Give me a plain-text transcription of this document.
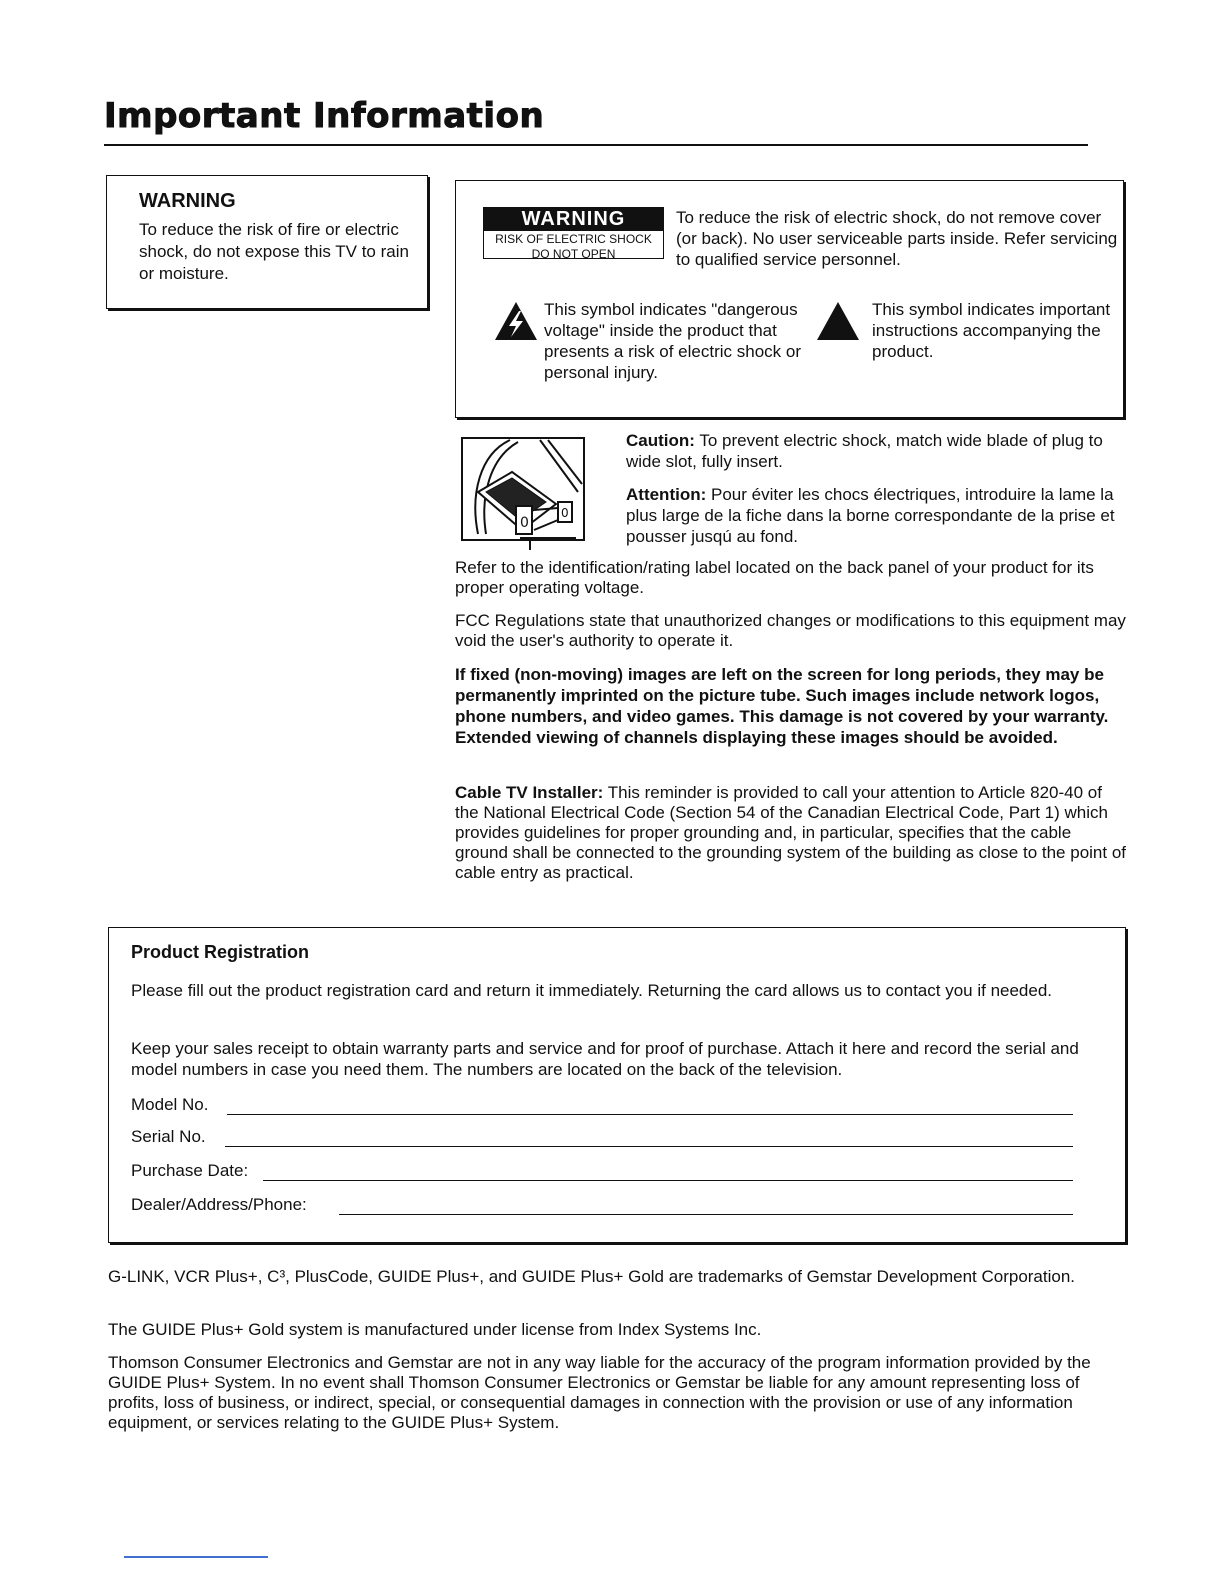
Important Information
WARNING
To reduce the risk of fire or electric shock, do not expose this TV to rain or moisture.
WARNING
RISK OF ELECTRIC SHOCK
DO NOT OPEN
To reduce the risk of electric shock, do not remove cover (or back). No user serviceable parts inside. Refer servicing to qualified service personnel.
This symbol indicates "dangerous voltage" inside the product that presents a risk of electric shock or personal injury.
This symbol indicates important instructions accompanying the product.
0
0
Caution: To prevent electric shock, match wide blade of plug to wide slot, fully insert.
Attention: Pour éviter les chocs électriques, introduire la lame la plus large de la fiche dans la borne correspondante de la prise et pousser jusqú au fond.
Refer to the identification/rating label located on the back panel of your product for its proper operating voltage.
FCC Regulations state that unauthorized changes or modifications to this equipment may void the user's authority to operate it.
If fixed (non-moving) images are left on the screen for long periods, they may be permanently imprinted on the picture tube. Such images include network logos, phone numbers, and video games. This damage is not covered by your warranty. Extended viewing of channels displaying these images should be avoided.
Cable TV Installer: This reminder is provided to call your attention to Article 820-40 of the National Electrical Code (Section 54 of the Canadian Electrical Code, Part 1) which provides guidelines for proper grounding and, in particular, specifies that the cable ground shall be connected to the grounding system of the building as close to the point of cable entry as practical.
Product Registration
Please fill out the product registration card and return it immediately. Returning the card allows us to contact you if needed.
Keep your sales receipt to obtain warranty parts and service and for proof of purchase. Attach it here and record the serial and model numbers in case you need them. The numbers are located on the back of the television.
Model No.
Serial No.
Purchase Date:
Dealer/Address/Phone:
G-LINK, VCR Plus+, C³, PlusCode, GUIDE Plus+, and GUIDE Plus+ Gold are trademarks of Gemstar Development Corporation.
The GUIDE Plus+ Gold system is manufactured under license from Index Systems Inc.
Thomson Consumer Electronics and Gemstar are not in any way liable for the accuracy of the program information provided by the GUIDE Plus+ System. In no event shall Thomson Consumer Electronics or Gemstar be liable for any amount representing loss of profits, loss of business, or indirect, special, or consequential damages in connection with the provision or use of any information equipment, or services relating to the GUIDE Plus+ System.
